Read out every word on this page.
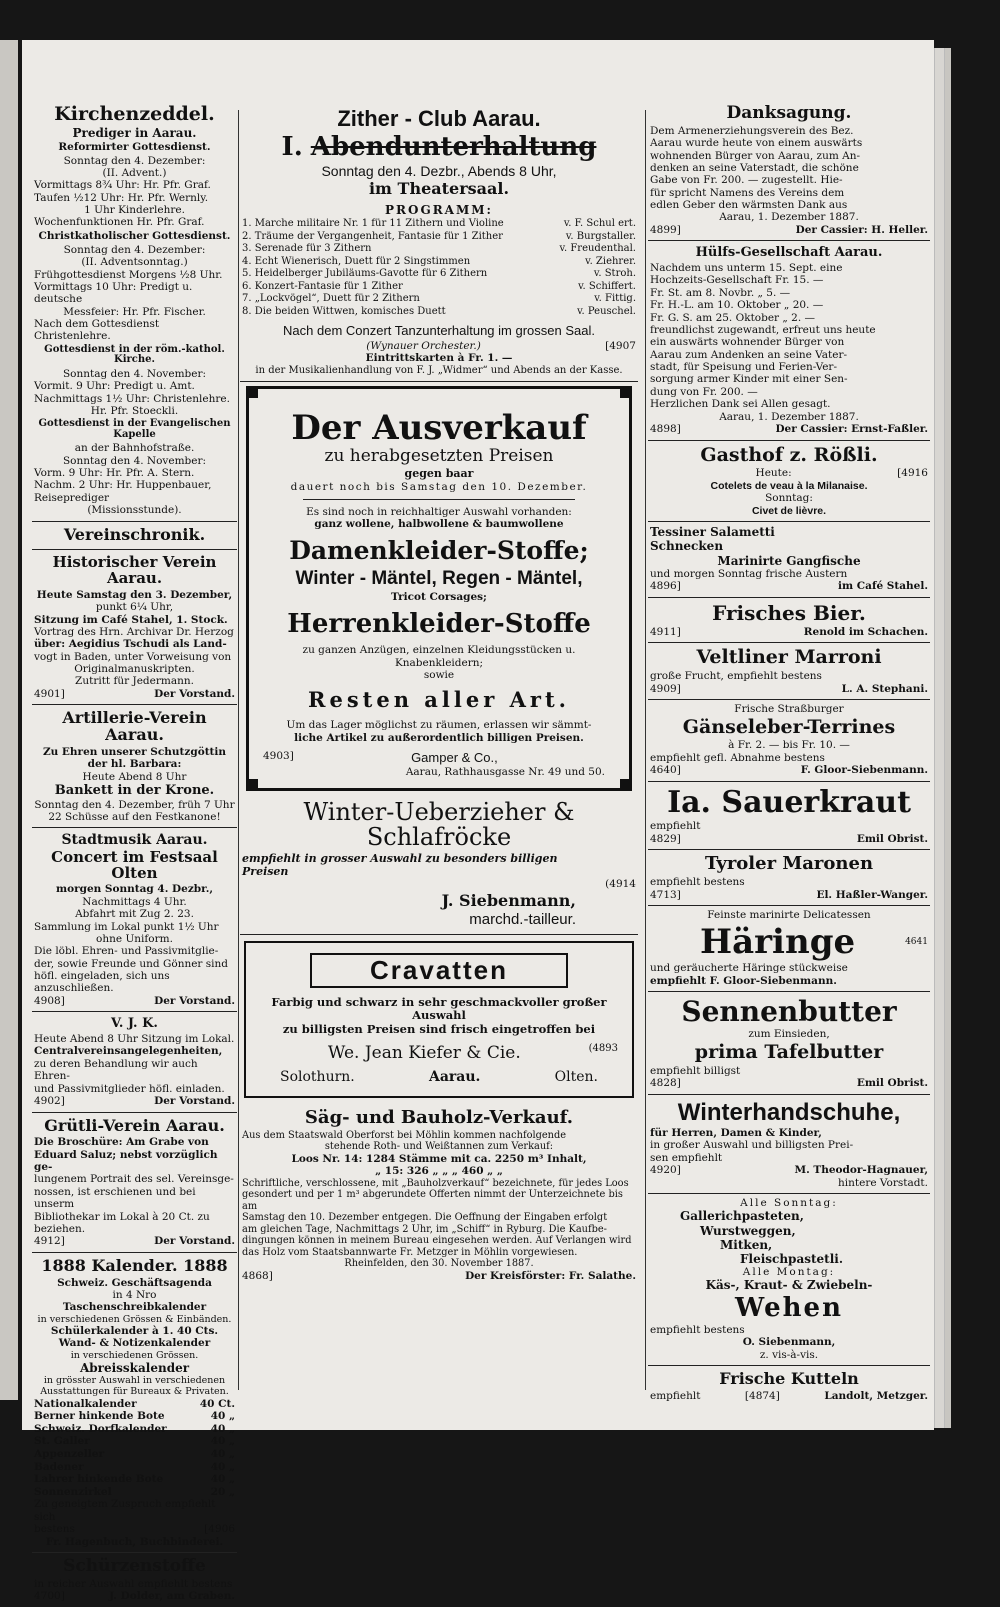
Kirchenzeddel.
Prediger in Aarau.
Reformirter Gottesdienst.

Sonntag den 4. Dezember:

(II. Advent.)

Vormittags 8¾ Uhr: Hr. Pfr. Graf.

Taufen ½12 Uhr: Hr. Pfr. Wernly.

1 Uhr Kinderlehre.

Wochenfunktionen Hr. Pfr. Graf.

Christkatholischer Gottesdienst.

Sonntag den 4. Dezember:

(II. Adventsonntag.)

Frühgottesdienst Morgens ½8 Uhr.

Vormittags 10 Uhr: Predigt u. deutsche

Messfeier: Hr. Pfr. Fischer.

Nach dem Gottesdienst Christenlehre.

Gottesdienst in der röm.-kathol. Kirche.

Sonntag den 4. November:

Vormit. 9 Uhr: Predigt u. Amt.

Nachmittags 1½ Uhr: Christenlehre.

Hr. Pfr. Stoeckli.

Gottesdienst in der Evangelischen Kapelle

an der Bahnhofstraße.

Sonntag den 4. November:

Vorm. 9 Uhr: Hr. Pfr. A. Stern.

Nachm. 2 Uhr: Hr. Huppenbauer, Reiseprediger

(Missionsstunde).

Vereinschronik.
Historischer Verein Aarau.

Heute Samstag den 3. Dezember,

punkt 6¼ Uhr,

Sitzung im Café Stahel, 1. Stock.

Vortrag des Hrn. Archivar Dr. Herzog

über: Aegidius Tschudi als Land-

vogt in Baden, unter Vorweisung von

Originalmanuskripten.

Zutritt für Jedermann.

4901]	Der Vorstand.
Artillerie-Verein Aarau.

Zu Ehren unserer Schutzgöttin

der hl. Barbara:

Heute Abend 8 Uhr

Bankett in der Krone.

Sonntag den 4. Dezember, früh 7 Uhr

22 Schüsse auf den Festkanone!

Stadtmusik Aarau.
Concert im Festsaal Olten

morgen Sonntag 4. Dezbr.,

Nachmittags 4 Uhr.

Abfahrt mit Zug 2. 23.

Sammlung im Lokal punkt 1½ Uhr

ohne Uniform.

Die löbl. Ehren- und Passivmitglie-

der, sowie Freunde und Gönner sind

höfl. eingeladen, sich uns anzuschließen.

4908]	Der Vorstand.
V. J. K.

Heute Abend 8 Uhr Sitzung im Lokal.

Centralvereinsangelegenheiten,

zu deren Behandlung wir auch Ehren-

und Passivmitglieder höfl. einladen.

4902]	Der Vorstand.
Grütli-Verein Aarau.

Die Broschüre: Am Grabe von

Eduard Saluz; nebst vorzüglich ge-

lungenem Portrait des sel. Vereinsge-

nossen, ist erschienen und bei unserm

Bibliothekar im Lokal à 20 Ct. zu

beziehen.

4912]	Der Vorstand.
1888 Kalender. 1888

Schweiz. Geschäftsagenda

in 4 Nro

Taschenschreibkalender

in verschiedenen Grössen & Einbänden.

Schülerkalender à 1. 40 Cts.

Wand- & Notizenkalender

in verschiedenen Grössen.

Abreisskalender

in grösster Auswahl in verschiedenen

Ausstattungen für Bureaux & Privaten.

Nationalkalender	40 Ct.
Berner hinkende Bote	40 „
Schweiz. Dorfkalender	40 „
St. Galler	40 „
Appenzeller	40 „
Badener	40 „
Lahrer hinkende Bote	40 „
Sonnenzirkel	20 „

Zu geneigtem Zuspruch empfiehlt sich

bestens	[4906

Fr. Hagenbuch, Buchbinderei.

Schürzenstoffe

in reicher Auswahl empfiehlt bestens

4700]	J. Dolder, am Graben.
Zither - Club Aarau.
I. Abendunterhaltung
Sonntag den 4. Dezbr., Abends 8 Uhr,
im Theatersaal.
PROGRAMM:
1. Marche militaire Nr. 1 für 11 Zithern und Violine	v. F. Schul ert.
2. Träume der Vergangenheit, Fantasie für 1 Zither	v. Burgstaller.
3. Serenade für 3 Zithern	v. Freudenthal.
4. Echt Wienerisch, Duett für 2 Singstimmen	v. Ziehrer.
5. Heidelberger Jubiläums-Gavotte für 6 Zithern	v. Stroh.
6. Konzert-Fantasie für 1 Zither	v. Schiffert.
7. „Lockvögel“, Duett für 2 Zithern	v. Fittig.
8. Die beiden Wittwen, komisches Duett	v. Peuschel.
Nach dem Conzert Tanzunterhaltung im grossen Saal.
(Wynauer Orchester.)	[4907

Eintrittskarten à Fr. 1. —

in der Musikalienhandlung von F. J. „Widmer“ und Abends an der Kasse.

Der Ausverkauf
zu herabgesetzten Preisen
gegen baar
dauert noch bis Samstag den 10. Dezember.

Es sind noch in reichhaltiger Auswahl vorhanden:

ganz wollene, halbwollene & baumwollene

Damenkleider-Stoffe;
Winter - Mäntel, Regen - Mäntel,

Tricot Corsages;

Herrenkleider-Stoffe

zu ganzen Anzügen, einzelnen Kleidungsstücken u. Knabenkleidern;

sowie

Resten aller Art.

Um das Lager möglichst zu räumen, erlassen wir sämmt-

liche Artikel zu außerordentlich billigen Preisen.

4903]	Gamper & Co.,

Aarau, Rathhausgasse Nr. 49 und 50.

Winter-Ueberzieher & Schlafröcke

empfiehlt in grosser Auswahl zu besonders billigen Preisen

(4914
J. Siebenmann,
marchd.-tailleur.
Cravatten

Farbig und schwarz in sehr geschmackvoller großer Auswahl

zu billigsten Preisen sind frisch eingetroffen bei

We. Jean Kiefer & Cie.	(4893
Solothurn.	Aarau.	Olten.
Säg- und Bauholz-Verkauf.

Aus dem Staatswald Oberforst bei Möhlin kommen nachfolgende

stehende Roth- und Weißtannen zum Verkauf:

Loos Nr. 14: 1284 Stämme mit ca. 2250 m³ Inhalt,

„ 15: 326 „ „ „ 460 „ „

Schriftliche, verschlossene, mit „Bauholzverkauf“ bezeichnete, für jedes Loos

gesondert und per 1 m³ abgerundete Offerten nimmt der Unterzeichnete bis am

Samstag den 10. Dezember entgegen. Die Oeffnung der Eingaben erfolgt

am gleichen Tage, Nachmittags 2 Uhr, im „Schiff“ in Ryburg. Die Kaufbe-

dingungen können in meinem Bureau eingesehen werden. Auf Verlangen wird

das Holz vom Staatsbannwarte Fr. Metzger in Möhlin vorgewiesen.

Rheinfelden, den 30. November 1887.

4868]	Der Kreisförster: Fr. Salathe.
Danksagung.

Dem Armenerziehungsverein des Bez.

Aarau wurde heute von einem auswärts

wohnenden Bürger von Aarau, zum An-

denken an seine Vaterstadt, die schöne

Gabe von Fr. 200. — zugestellt. Hie-

für spricht Namens des Vereins dem

edlen Geber den wärmsten Dank aus

Aarau, 1. Dezember 1887.

4899]	Der Cassier: H. Heller.
Hülfs-Gesellschaft Aarau.

Nachdem uns unterm 15. Sept. eine

Hochzeits-Gesellschaft Fr. 15. —

Fr. St. am 8. Novbr. „ 5. —

Fr. H.-L. am 10. Oktober „ 20. —

Fr. G. S. am 25. Oktober „ 2. —

freundlichst zugewandt, erfreut uns heute

ein auswärts wohnender Bürger von

Aarau zum Andenken an seine Vater-

stadt, für Speisung und Ferien-Ver-

sorgung armer Kinder mit einer Sen-

dung von Fr. 200. —

Herzlichen Dank sei Allen gesagt.

Aarau, 1. Dezember 1887.

4898]	Der Cassier: Ernst-Faßler.
Gasthof z. Rößli.
Heute:	[4916

Cotelets de veau à la Milanaise.

Sonntag:

Civet de lièvre.

Tessiner Salametti

Schnecken

Marinirte Gangfische

und morgen Sonntag frische Austern

4896]	im Café Stahel.
Frisches Bier.
4911]	Renold im Schachen.
Veltliner Marroni

große Frucht, empfiehlt bestens

4909]	L. A. Stephani.

Frische Straßburger

Gänseleber-Terrines

à Fr. 2. — bis Fr. 10. —

empfiehlt gefl. Abnahme bestens

4640]	F. Gloor-Siebenmann.
Ia. Sauerkraut

empfiehlt

4829]	Emil Obrist.
Tyroler Maronen

empfiehlt bestens

4713]	El. Haßler-Wanger.

Feinste marinirte Delicatessen

Häringe	4641

und geräucherte Häringe stückweise

empfiehlt F. Gloor-Siebenmann.

Sennenbutter

zum Einsieden,

prima Tafelbutter

empfiehlt billigst

4828]	Emil Obrist.
Winterhandschuhe,

für Herren, Damen & Kinder,

in großer Auswahl und billigsten Prei-

sen empfiehlt

4920]	M. Theodor-Hagnauer,

hintere Vorstadt.

Alle Sonntag:

Gallerichpasteten,

Wurstweggen,

Mitken,

Fleischpastetli.

Alle Montag:

Käs-, Kraut- & Zwiebeln-

Wehen

empfiehlt bestens

O. Siebenmann,

z. vis-à-vis.

Frische Kutteln
empfiehlt	[4874]	Landolt, Metzger.
